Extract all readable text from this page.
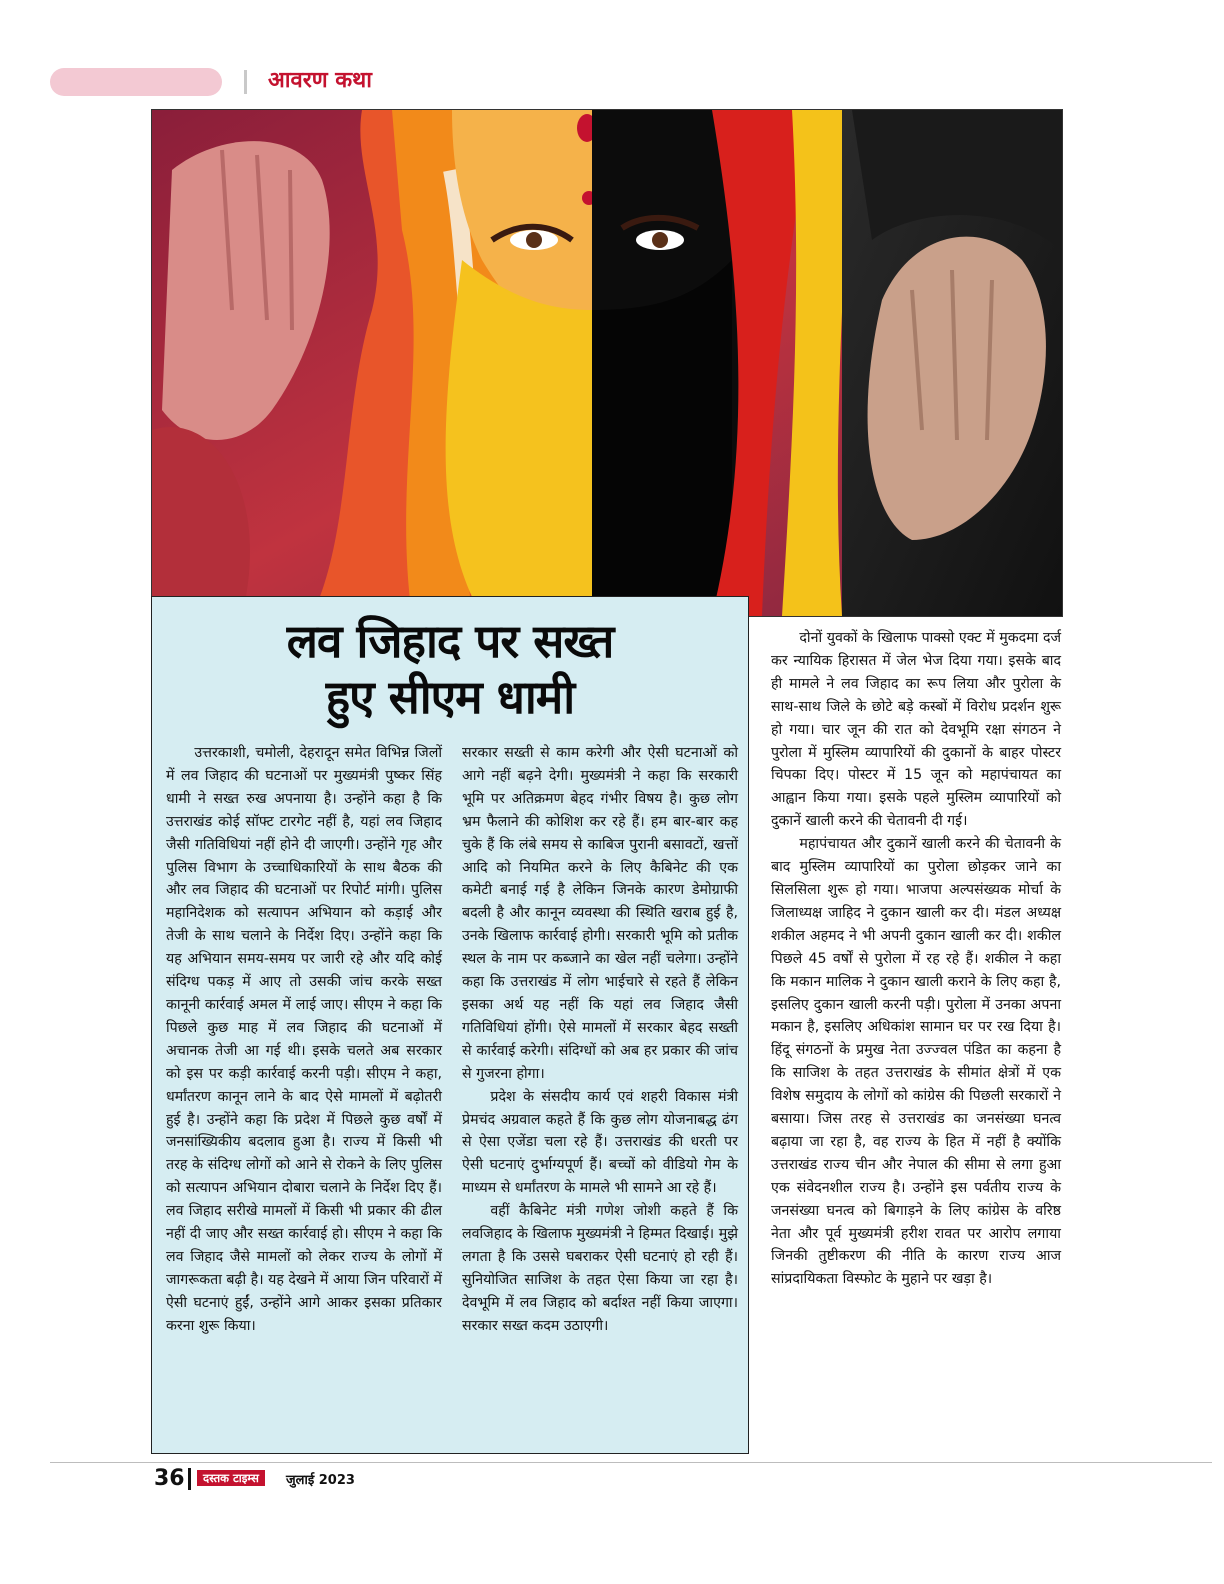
आवरण कथा
लव जिहाद पर सख्त
हुए सीएम धामी

उत्तरकाशी, चमोली, देहरादून समेत विभिन्न जिलों में लव जिहाद की घटनाओं पर मुख्यमंत्री पुष्कर सिंह धामी ने सख्त रुख अपनाया है। उन्होंने कहा है कि उत्तराखंड कोई सॉफ्ट टारगेट नहीं है, यहां लव जिहाद जैसी गतिविधियां नहीं होने दी जाएगी। उन्होंने गृह और पुलिस विभाग के उच्चाधिकारियों के साथ बैठक की और लव जिहाद की घटनाओं पर रिपोर्ट मांगी। पुलिस महानिदेशक को सत्यापन अभियान को कड़ाई और तेजी के साथ चलाने के निर्देश दिए। उन्होंने कहा कि यह अभियान समय-समय पर जारी रहे और यदि कोई संदिग्ध पकड़ में आए तो उसकी जांच करके सख्त कानूनी कार्रवाई अमल में लाई जाए। सीएम ने कहा कि पिछले कुछ माह में लव जिहाद की घटनाओं में अचानक तेजी आ गई थी। इसके चलते अब सरकार को इस पर कड़ी कार्रवाई करनी पड़ी। सीएम ने कहा, धर्मांतरण कानून लाने के बाद ऐसे मामलों में बढ़ोतरी हुई है। उन्होंने कहा कि प्रदेश में पिछले कुछ वर्षों में जनसांख्यिकीय बदलाव हुआ है। राज्य में किसी भी तरह के संदिग्ध लोगों को आने से रोकने के लिए पुलिस को सत्यापन अभियान दोबारा चलाने के निर्देश दिए हैं। लव जिहाद सरीखे मामलों में किसी भी प्रकार की ढील नहीं दी जाए और सख्त कार्रवाई हो। सीएम ने कहा कि लव जिहाद जैसे मामलों को लेकर राज्य के लोगों में जागरूकता बढ़ी है। यह देखने में आया जिन परिवारों में ऐसी घटनाएं हुईं, उन्होंने आगे आकर इसका प्रतिकार करना शुरू किया।

सरकार सख्ती से काम करेगी और ऐसी घटनाओं को आगे नहीं बढ़ने देगी। मुख्यमंत्री ने कहा कि सरकारी भूमि पर अतिक्रमण बेहद गंभीर विषय है। कुछ लोग भ्रम फैलाने की कोशिश कर रहे हैं। हम बार-बार कह चुके हैं कि लंबे समय से काबिज पुरानी बसावटों, खत्तों आदि को नियमित करने के लिए कैबिनेट की एक कमेटी बनाई गई है लेकिन जिनके कारण डेमोग्राफी बदली है और कानून व्यवस्था की स्थिति खराब हुई है, उनके खिलाफ कार्रवाई होगी। सरकारी भूमि को प्रतीक स्थल के नाम पर कब्जाने का खेल नहीं चलेगा। उन्होंने कहा कि उत्तराखंड में लोग भाईचारे से रहते हैं लेकिन इसका अर्थ यह नहीं कि यहां लव जिहाद जैसी गतिविधियां होंगी। ऐसे मामलों में सरकार बेहद सख्ती से कार्रवाई करेगी। संदिग्धों को अब हर प्रकार की जांच से गुजरना होगा।

प्रदेश के संसदीय कार्य एवं शहरी विकास मंत्री प्रेमचंद अग्रवाल कहते हैं कि कुछ लोग योजनाबद्ध ढंग से ऐसा एजेंडा चला रहे हैं। उत्तराखंड की धरती पर ऐसी घटनाएं दुर्भाग्यपूर्ण हैं। बच्चों को वीडियो गेम के माध्यम से धर्मांतरण के मामले भी सामने आ रहे हैं।

वहीं कैबिनेट मंत्री गणेश जोशी कहते हैं कि लवजिहाद के खिलाफ मुख्यमंत्री ने हिम्मत दिखाई। मुझे लगता है कि उससे घबराकर ऐसी घटनाएं हो रही हैं। सुनियोजित साजिश के तहत ऐसा किया जा रहा है। देवभूमि में लव जिहाद को बर्दाश्त नहीं किया जाएगा। सरकार सख्त कदम उठाएगी।

दोनों युवकों के खिलाफ पाक्सो एक्ट में मुकदमा दर्ज कर न्यायिक हिरासत में जेल भेज दिया गया। इसके बाद ही मामले ने लव जिहाद का रूप लिया और पुरोला के साथ-साथ जिले के छोटे बड़े कस्बों में विरोध प्रदर्शन शुरू हो गया। चार जून की रात को देवभूमि रक्षा संगठन ने पुरोला में मुस्लिम व्यापारियों की दुकानों के बाहर पोस्टर चिपका दिए। पोस्टर में 15 जून को महापंचायत का आह्वान किया गया। इसके पहले मुस्लिम व्यापारियों को दुकानें खाली करने की चेतावनी दी गई।

महापंचायत और दुकानें खाली करने की चेतावनी के बाद मुस्लिम व्यापारियों का पुरोला छोड़कर जाने का सिलसिला शुरू हो गया। भाजपा अल्पसंख्यक मोर्चा के जिलाध्यक्ष जाहिद ने दुकान खाली कर दी। मंडल अध्यक्ष शकील अहमद ने भी अपनी दुकान खाली कर दी। शकील पिछले 45 वर्षों से पुरोला में रह रहे हैं। शकील ने कहा कि मकान मालिक ने दुकान खाली कराने के लिए कहा है, इसलिए दुकान खाली करनी पड़ी। पुरोला में उनका अपना मकान है, इसलिए अधिकांश सामान घर पर रख दिया है। हिंदू संगठनों के प्रमुख नेता उज्ज्वल पंडित का कहना है कि साजिश के तहत उत्तराखंड के सीमांत क्षेत्रों में एक विशेष समुदाय के लोगों को कांग्रेस की पिछली सरकारों ने बसाया। जिस तरह से उत्तराखंड का जनसंख्या घनत्व बढ़ाया जा रहा है, वह राज्य के हित में नहीं है क्योंकि उत्तराखंड राज्य चीन और नेपाल की सीमा से लगा हुआ एक संवेदनशील राज्य है। उन्होंने इस पर्वतीय राज्य के जनसंख्या घनत्व को बिगाड़ने के लिए कांग्रेस के वरिष्ठ नेता और पूर्व मुख्यमंत्री हरीश रावत पर आरोप लगाया जिनकी तुष्टीकरण की नीति के कारण राज्य आज सांप्रदायिकता विस्फोट के मुहाने पर खड़ा है।

36	दस्तक टाइम्स	जुलाई 2023
